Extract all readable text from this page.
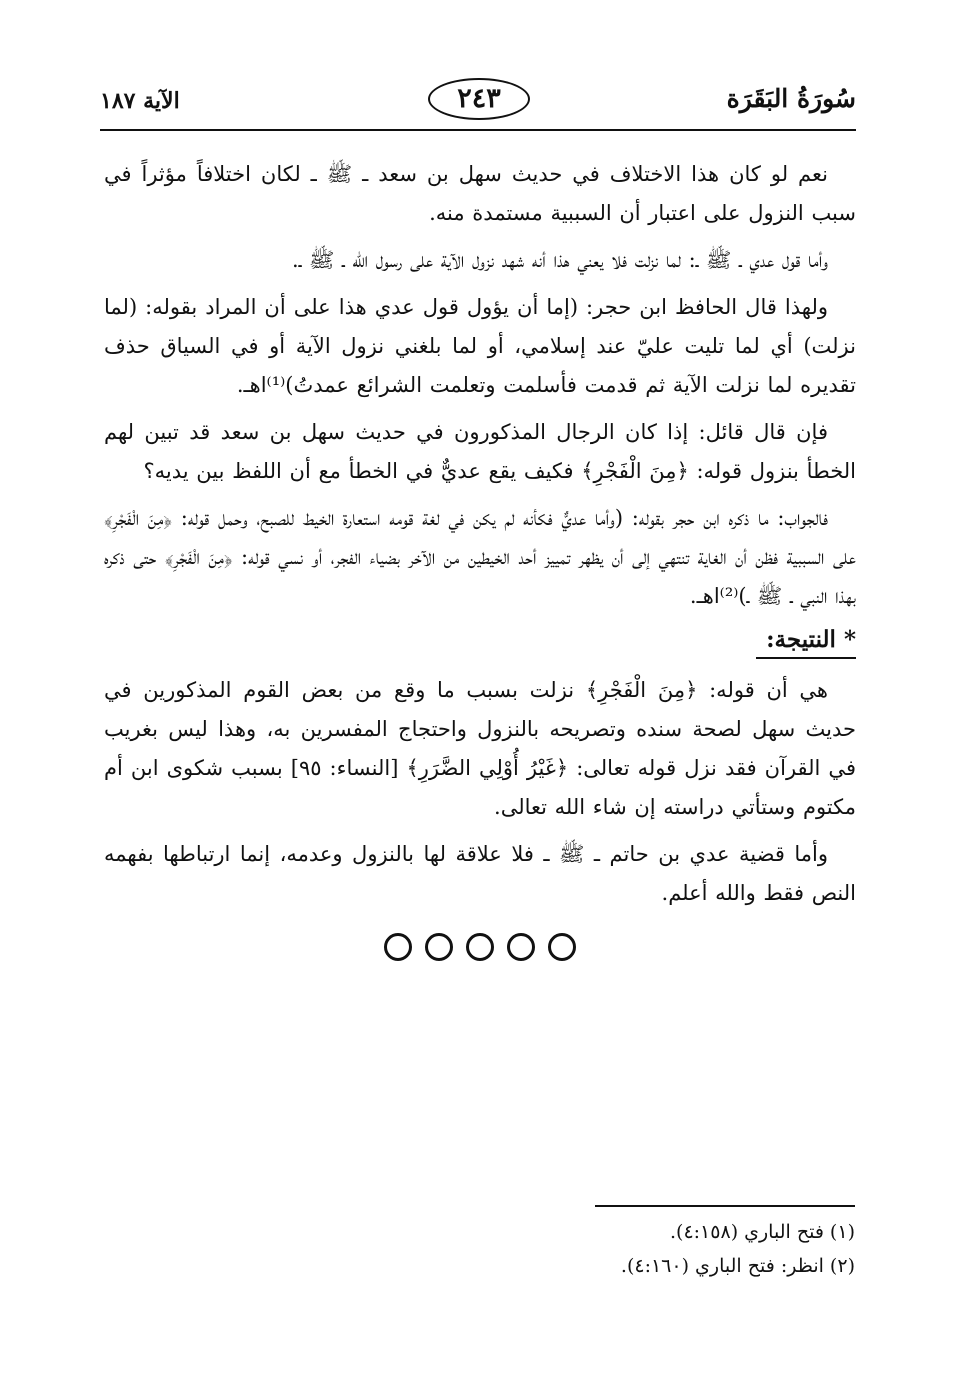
سُورَةُ البَقَرَة
الآية ١٨٧	٢٤٣

نعم لو كان هذا الاختلاف في حديث سهل بن سعد ـ ﷺ ـ لكان اختلافاً مؤثراً في سبب النزول على اعتبار أن السببية مستمدة منه.

وأما قول عدي ـ ﷺ ـ: لما نزلت فلا يعني هذا أنه شهد نزول الآية على رسول الله ـ ﷺ ـ.

ولهذا قال الحافظ ابن حجر: (إما أن يؤول قول عدي هذا على أن المراد بقوله: (لما نزلت) أي لما تليت عليّ عند إسلامي، أو لما بلغني نزول الآية أو في السياق حذف تقديره لما نزلت الآية ثم قدمت فأسلمت وتعلمت الشرائع عمدتُ)⁽¹⁾اهـ.

فإن قال قائل: إذا كان الرجال المذكورون في حديث سهل بن سعد قد تبين لهم الخطأ بنزول قوله: ﴿مِنَ الْفَجْرِ﴾ فكيف يقع عديٌّ في الخطأ مع أن اللفظ بين يديه؟

فالجواب: ما ذكره ابن حجر بقوله: (وأما عديٌّ فكأنه لم يكن في لغة قومه استعارة الخيط للصبح، وحمل قوله: ﴿مِنَ الْفَجْرِ﴾ على السببية فظن أن الغاية تنتهي إلى أن يظهر تمييز أحد الخيطين من الآخر بضياء الفجر، أو نسي قوله: ﴿مِنَ الْفَجْرِ﴾ حتى ذكره بهذا النبي ـ ﷺ ـ)⁽²⁾اهـ.

* النتيجة:

هي أن قوله: ﴿مِنَ الْفَجْرِ﴾ نزلت بسبب ما وقع من بعض القوم المذكورين في حديث سهل لصحة سنده وتصريحه بالنزول واحتجاج المفسرين به، وهذا ليس بغريب في القرآن فقد نزل قوله تعالى: ﴿غَيْرُ أُوْلِي الضَّرَرِ﴾ [النساء: ٩٥] بسبب شكوى ابن أم مكتوم وستأتي دراسته إن شاء الله تعالى.

وأما قضية عدي بن حاتم ـ ﷺ ـ فلا علاقة لها بالنزول وعدمه، إنما ارتباطها بفهمه النص فقط والله أعلم.

(١) فتح الباري (٤:١٥٨).
(٢) انظر: فتح الباري (٤:١٦٠).
